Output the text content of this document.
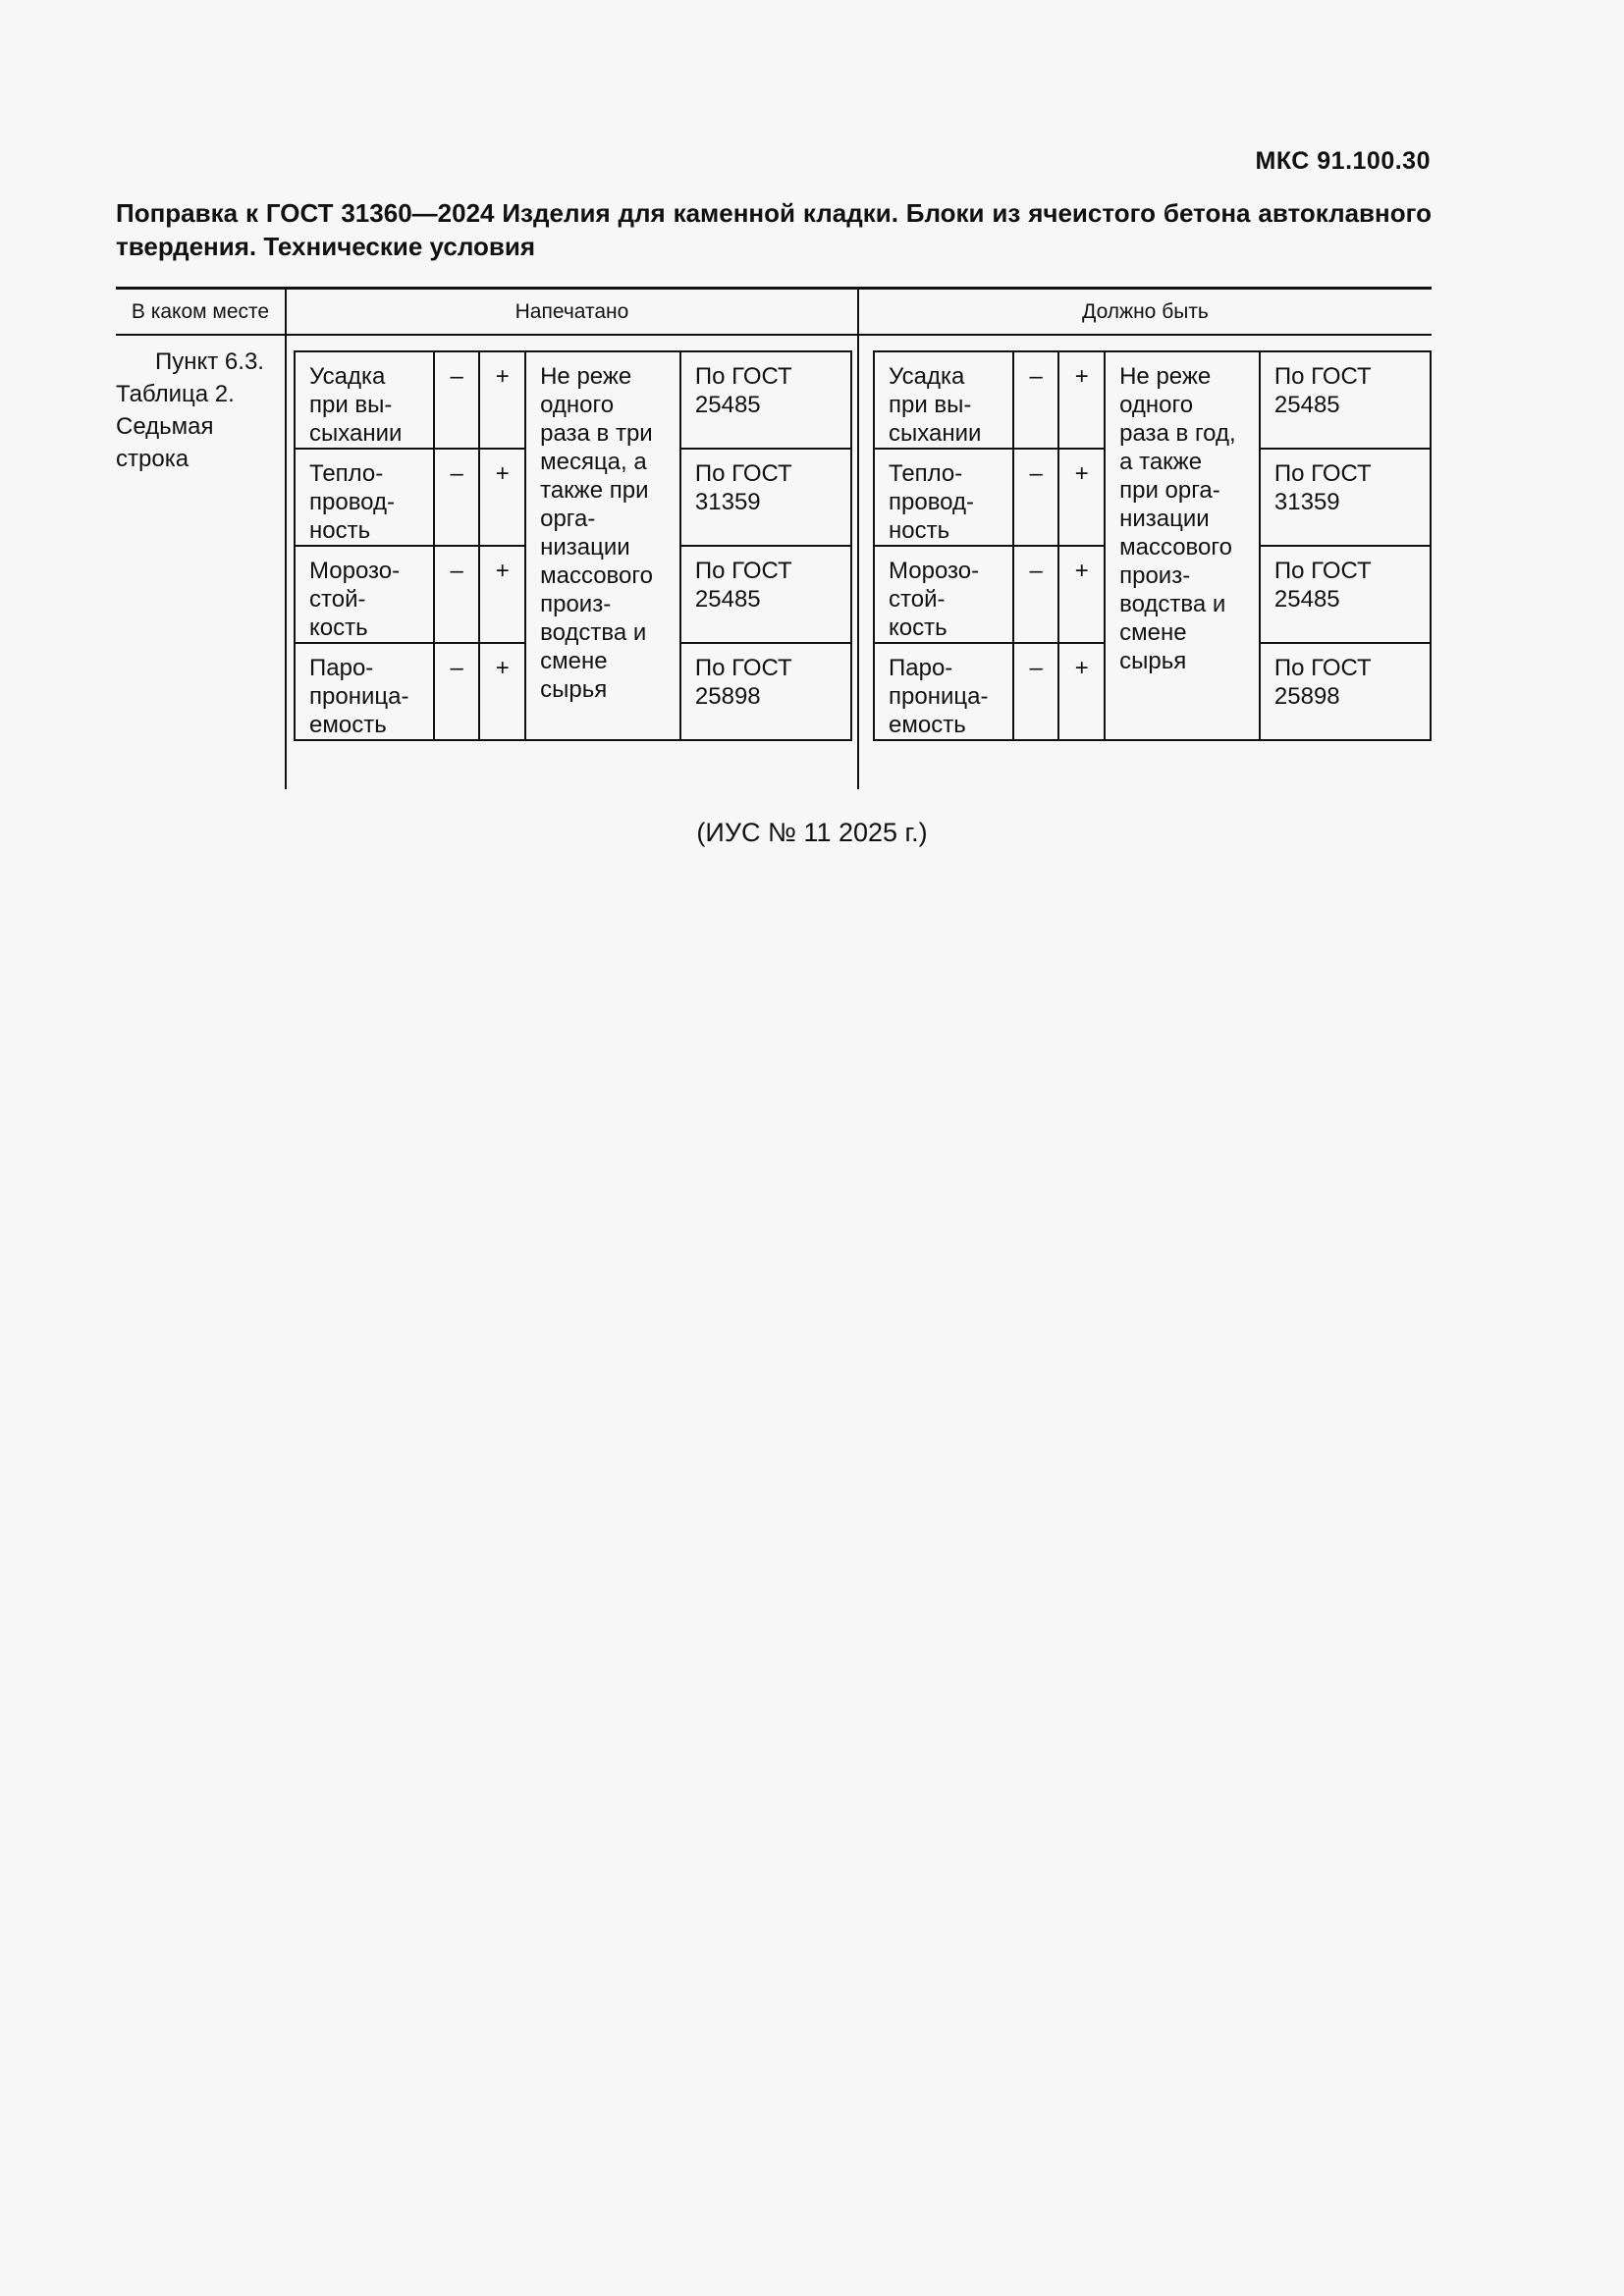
МКС 91.100.30
Поправка к ГОСТ 31360—2024 Изделия для каменной кладки. Блоки из ячеистого бетона автоклавного твердения. Технические условия
В каком месте	Напечатано	Должно быть
Пункт 6.3. Таблица 2. Седьмая строка
Усадка при вы-сыхании	–	+	Не реже одного раза в три месяца, а также при орга-низации массового произ-водства и смене сырья	По ГОСТ 25485
Тепло-провод-ность	–	+		По ГОСТ 31359
Морозо-стой-кость	–	+		По ГОСТ 25485
Паро-проница-емость	–	+		По ГОСТ 25898
Усадка при вы-сыхании	–	+	Не реже одного раза в год, а также при орга-низации массового произ-водства и смене сырья	По ГОСТ 25485
Тепло-провод-ность	–	+		По ГОСТ 31359
Морозо-стой-кость	–	+		По ГОСТ 25485
Паро-проница-емость	–	+		По ГОСТ 25898
(ИУС № 11 2025 г.)
